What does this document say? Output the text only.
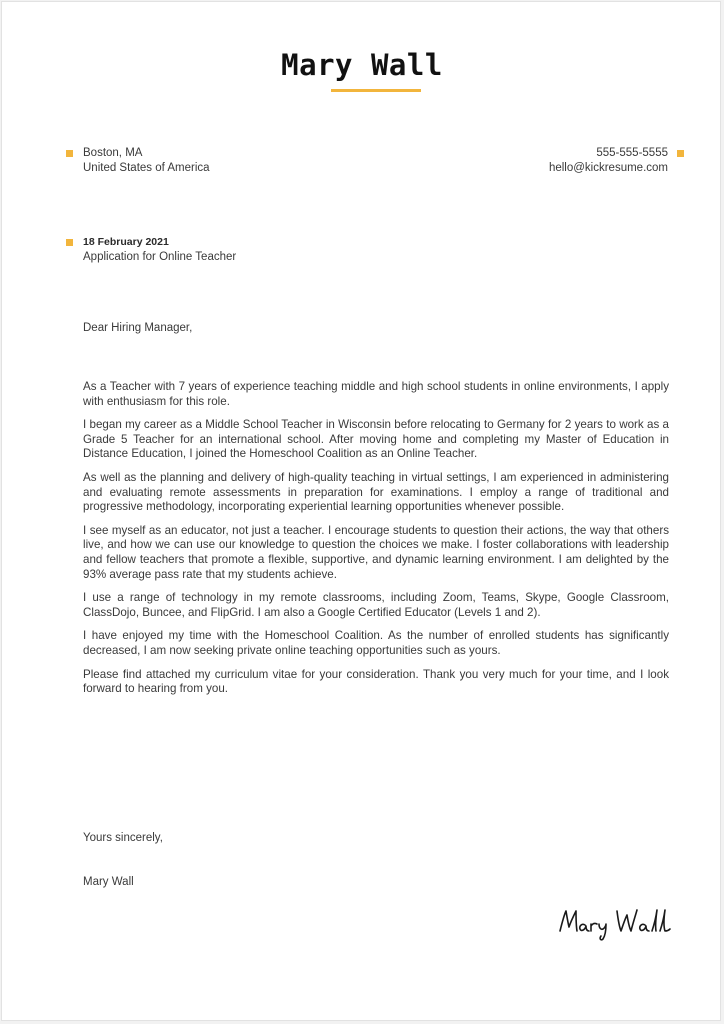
Mary Wall
Boston, MA
United States of America
555-555-5555
hello@kickresume.com
18 February 2021
Application for Online Teacher
Dear Hiring Manager,

As a Teacher with 7 years of experience teaching middle and high school students in online environments, I apply with enthusiasm for this role.

I began my career as a Middle School Teacher in Wisconsin before relocating to Germany for 2 years to work as a Grade 5 Teacher for an international school. After moving home and completing my Master of Education in Distance Education, I joined the Homeschool Coalition as an Online Teacher.

As well as the planning and delivery of high-quality teaching in virtual settings, I am experienced in administering and evaluating remote assessments in preparation for examinations. I employ a range of traditional and progressive methodology, incorporating experiential learning opportunities whenever possible.

I see myself as an educator, not just a teacher. I encourage students to question their actions, the way that others live, and how we can use our knowledge to question the choices we make. I foster collaborations with leadership and fellow teachers that promote a flexible, supportive, and dynamic learning environment. I am delighted by the 93% average pass rate that my students achieve.

I use a range of technology in my remote classrooms, including Zoom, Teams, Skype, Google Classroom, ClassDojo, Buncee, and FlipGrid. I am also a Google Certified Educator (Levels 1 and 2).

I have enjoyed my time with the Homeschool Coalition. As the number of enrolled students has significantly decreased, I am now seeking private online teaching opportunities such as yours.

Please find attached my curriculum vitae for your consideration. Thank you very much for your time, and I look forward to hearing from you.

Yours sincerely,
Mary Wall
